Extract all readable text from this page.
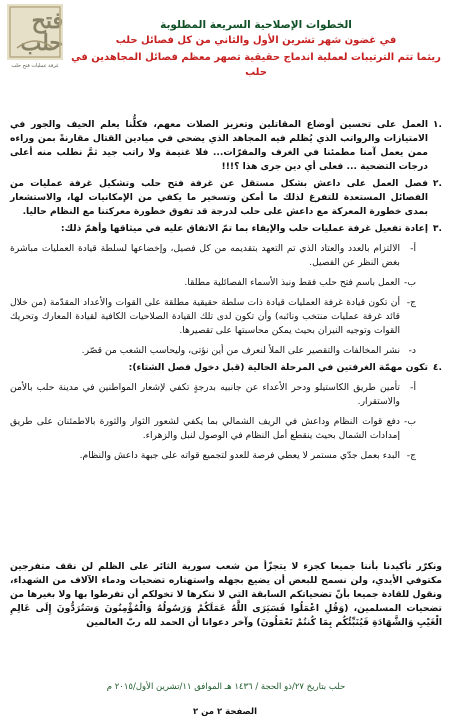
فتح حلب
غرفة عمليات فتح حلب
الخطوات الإصلاحية السريعة المطلوبة
في غضون شهر تشرين الأول والثاني من كل فصائل حلب
ريثما تتم الترتيبات لعملية اندماج حقيقية تصهر معظم فصائل المجاهدين في حلب
.١
العمل على تحسين أوضاع المقاتلين وتعزيز الصلات معهم، فكلُّنا يعلم الحيف والجور في الامتيازات والرواتب الذي يُظلم فيه المجاهد الذي يضحي في ميادين القتال مقارنةً بمن وراءه ممن يعمل آمنا مطمئنا في الغرف والمقرّات... فلا غنيمة ولا راتب جيد ثمَّ نطلب منه أعلى درجات التضحية ... فعلى أي دين جرى هذا ؟!!!
.٢
فصل العمل على داعش بشكل مستقل عن غرفة فتح حلب وتشكيل غرفة عمليات من الفصائل المستعدة للتفرغ لذلك ما أمكن وتسخير ما يكفي من الإمكانيات لها، والاستشعار بمدى خطورة المعركة مع داعش على حلب لدرجة قد تفوق خطورة معركتنا مع النظام حاليا.
.٣
إعادة تفعيل غرفة عمليات حلب والإيفاء بما تمّ الاتفاق عليه في ميثاقها وأهمّ ذلك:
أ-
الالتزام بالعدد والعتاد الذي تم التعهد بتقديمه من كل فصيل، وإخضاعها لسلطة قيادة العمليات مباشرة بغض النظر عن الفصيل.
ب-
العمل باسم فتح حلب فقط ونبذ الأسماء الفصائلية مطلقا.
ج-
أن تكون قيادة غرفة العمليات قيادة ذات سلطة حقيقية مطلقة على القوات والأعداد المقدّمة (من خلال قائد غرفة عمليات منتخب ونائبه) وأن تكون لدى تلك القيادة الصلاحيات الكافية لقيادة المعارك وتحريك القوات وتوجيه النيران بحيث يمكن محاسبتها على تقصيرها.
د-
نشر المخالفات والتقصير على الملأ لنعرف من أين نؤتى، وليحاسب الشعب من قصّر.
.٤
تكون مهمّة الغرفتين في المرحلة الحالية (قبل دخول فصل الشتاء):
أ-
تأمين طريق الكاستيلو ودحر الأعداء عن جانبيه بدرجةٍ تكفي لإشعار المواطنين في مدينة حلب بالأمن والاستقرار.
ب-
دفع قوات النظام وداعش في الريف الشمالي بما يكفي لشعور الثوار والثورة بالاطمئنان على طريق إمدادات الشمال بحيث ينقطع أمل النظام في الوصول لنبل والزهراء.
ج-
البدء بعمل جدّي مستمر لا يعطي فرصة للعدو لتجميع قواته على جبهة داعش والنظام.
ونكرّر تأكيدنا بأننا جميعا كجزء لا يتجزّأ من شعب سورية الثائر على الظلم لن نقف متفرجين مكتوفي الأيدي، ولن نسمح للبعض أن يضيع بجهله واستهتاره تضحيات ودماء الآلاف من الشهداء، ونقول للقادة جميعا بأنّ تضحياتكم السابقة التي لا ننكرها لا تخولكم أن تفرطوا بها ولا بغيرها من تضحيات المسلمين، (وَقُلِ اعْمَلُوا فَسَيَرَى اللَّهُ عَمَلَكُمْ وَرَسُولُهُ وَالْمُؤْمِنُونَ وَسَتُرَدُّونَ إِلَى عَالِمِ الْغَيْبِ وَالشَّهَادَةِ فَيُنَبِّئُكُم بِمَا كُنتُمْ تَعْمَلُونَ) وآخر دعوانا أن الحمد لله ربّ العالمين
حلب بتاريخ ٢٧/ذو الحجة / ١٤٣٦ هـ الموافق ١١/تشرين الأول/٢٠١٥ م
الصفحة ٢ من ٢
